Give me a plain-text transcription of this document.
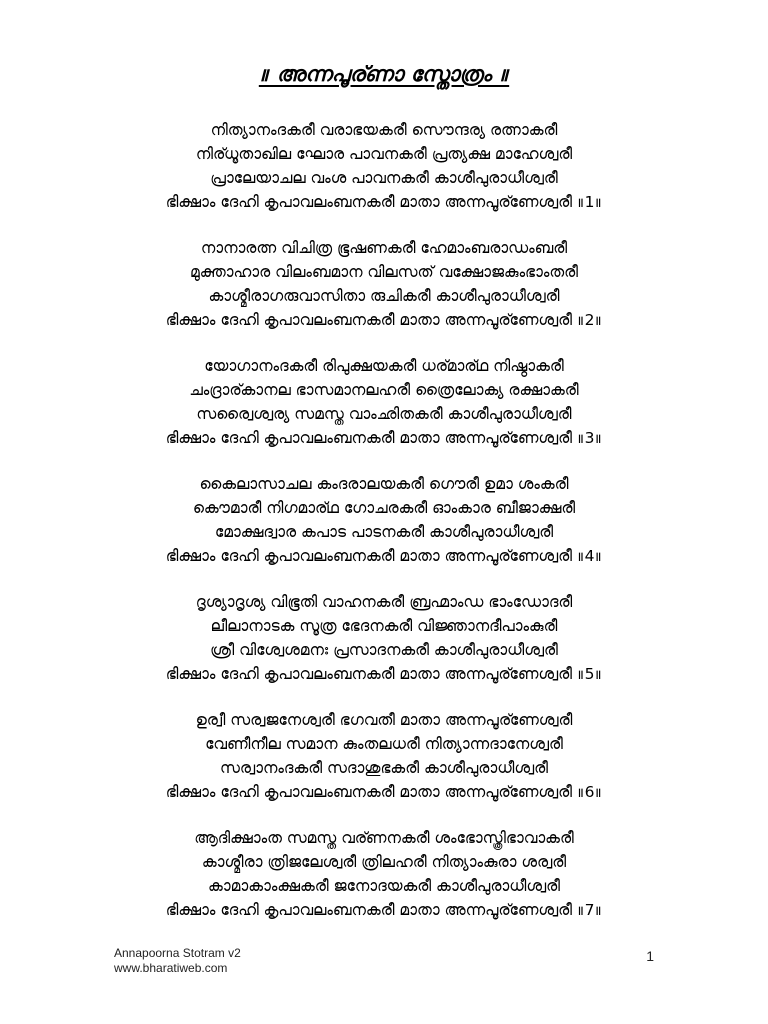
॥ അന്നപൂര്ണാ സ്തോത്രം ॥
നിത്യാനംദകരീ വരാഭയകരീ സൌന്ദര്യ രത്നാകരീ
നിര്ധൂതാഖില ഘോര പാവനകരീ പ്രത്യക്ഷ മാഹേശ്വരീ
പ്രാലേയാചല വംശ പാവനകരീ കാശീപുരാധീശ്വരീ
ഭിക്ഷാം ദേഹി കൃപാവലംബനകരീ മാതാ അന്നപൂര്ണേശ്വരീ ॥1॥
നാനാരത്ന വിചിത്ര ഭൂഷണകരീ ഹേമാംബരാഡംബരീ
മുക്താഹാര വിലംബമാന വിലസത് വക്ഷോജകുംഭാംതരീ
കാശ്മീരാഗരുവാസിതാ രുചികരീ കാശീപുരാധീശ്വരീ
ഭിക്ഷാം ദേഹി കൃപാവലംബനകരീ മാതാ അന്നപൂര്ണേശ്വരീ ॥2॥
യോഗാനംദകരീ രിപുക്ഷയകരീ ധര്മാര്ഥ നിഷ്ഠാകരീ
ചംദ്രാര്കാനല ഭാസമാനലഹരീ ത്രൈലോക്യ രക്ഷാകരീ
സര്വൈശ്വര്യ സമസ്ത വാംഛിതകരീ കാശീപുരാധീശ്വരീ
ഭിക്ഷാം ദേഹി കൃപാവലംബനകരീ മാതാ അന്നപൂര്ണേശ്വരീ ॥3॥
കൈലാസാചല കംദരാലയകരീ ഗൌരീ ഉമാ ശംകരീ
കൌമാരീ നിഗമാര്ഥ ഗോചരകരീ ഓംകാര ബീജാക്ഷരീ
മോക്ഷദ്വാര കപാട പാടനകരീ കാശീപുരാധീശ്വരീ
ഭിക്ഷാം ദേഹി കൃപാവലംബനകരീ മാതാ അന്നപൂര്ണേശ്വരീ ॥4॥
ദൃശ്യാദൃശ്യ വിഭൂതി വാഹനകരീ ബ്രഹ്മാംഡ ഭാംഡോദരീ
ലീലാനാടക സൂത്ര ഭേദനകരീ വിജ്ഞാനദീപാംകുരീ
ശ്രീ വിശ്വേശമനഃ പ്രസാദനകരീ കാശീപുരാധീശ്വരീ
ഭിക്ഷാം ദേഹി കൃപാവലംബനകരീ മാതാ അന്നപൂര്ണേശ്വരീ ॥5॥
ഉര്വീ സര്വജനേശ്വരീ ഭഗവതീ മാതാ അന്നപൂര്ണേശ്വരീ
വേണീനീല സമാന കുംതലധരീ നിത്യാന്നദാനേശ്വരീ
സര്വാനംദകരീ സദാശുഭകരീ കാശീപുരാധീശ്വരീ
ഭിക്ഷാം ദേഹി കൃപാവലംബനകരീ മാതാ അന്നപൂര്ണേശ്വരീ ॥6॥
ആദിക്ഷാംത സമസ്ത വര്ണനകരീ ശംഭോസ്ത്രിഭാവാകരീ
കാശ്മീരാ ത്രിജലേശ്വരീ ത്രിലഹരീ നിത്യാംകുരാ ശര്വരീ
കാമാകാംക്ഷകരീ ജനോദയകരീ കാശീപുരാധീശ്വരീ
ഭിക്ഷാം ദേഹി കൃപാവലംബനകരീ മാതാ അന്നപൂര്ണേശ്വരീ ॥7॥
Annapoorna Stotram v2
www.bharatiweb.com
1
